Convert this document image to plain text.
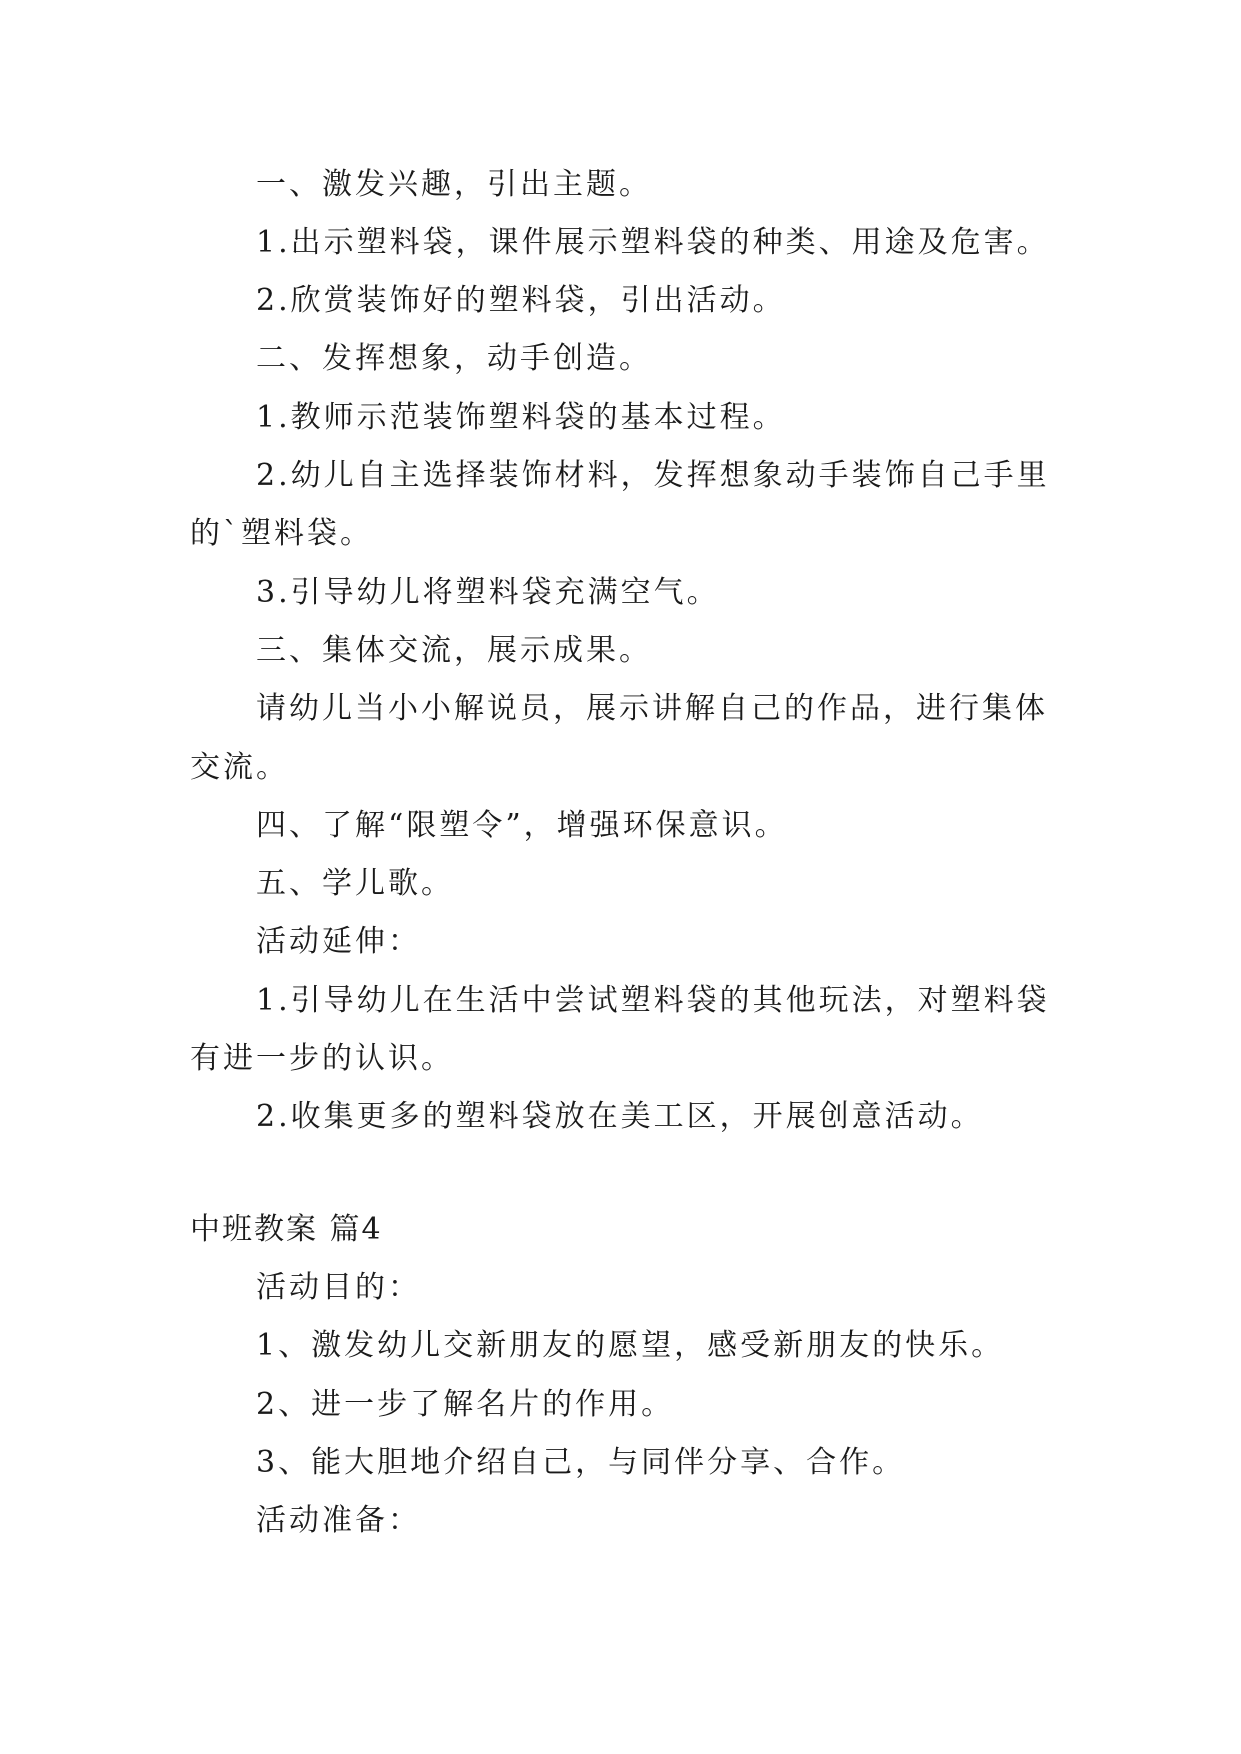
一、激发兴趣，引出主题。
1.出示塑料袋，课件展示塑料袋的种类、用途及危害。
2.欣赏装饰好的塑料袋，引出活动。
二、发挥想象，动手创造。
1.教师示范装饰塑料袋的基本过程。
2.幼儿自主选择装饰材料，发挥想象动手装饰自己手里
的`塑料袋。
3.引导幼儿将塑料袋充满空气。
三、集体交流，展示成果。
请幼儿当小小解说员，展示讲解自己的作品，进行集体
交流。
四、了解“限塑令”，增强环保意识。
五、学儿歌。
活动延伸：
1.引导幼儿在生活中尝试塑料袋的其他玩法，对塑料袋
有进一步的认识。
2.收集更多的塑料袋放在美工区，开展创意活动。
中班教案 篇4
活动目的：
1、激发幼儿交新朋友的愿望，感受新朋友的快乐。
2、进一步了解名片的作用。
3、能大胆地介绍自己，与同伴分享、合作。
活动准备：
